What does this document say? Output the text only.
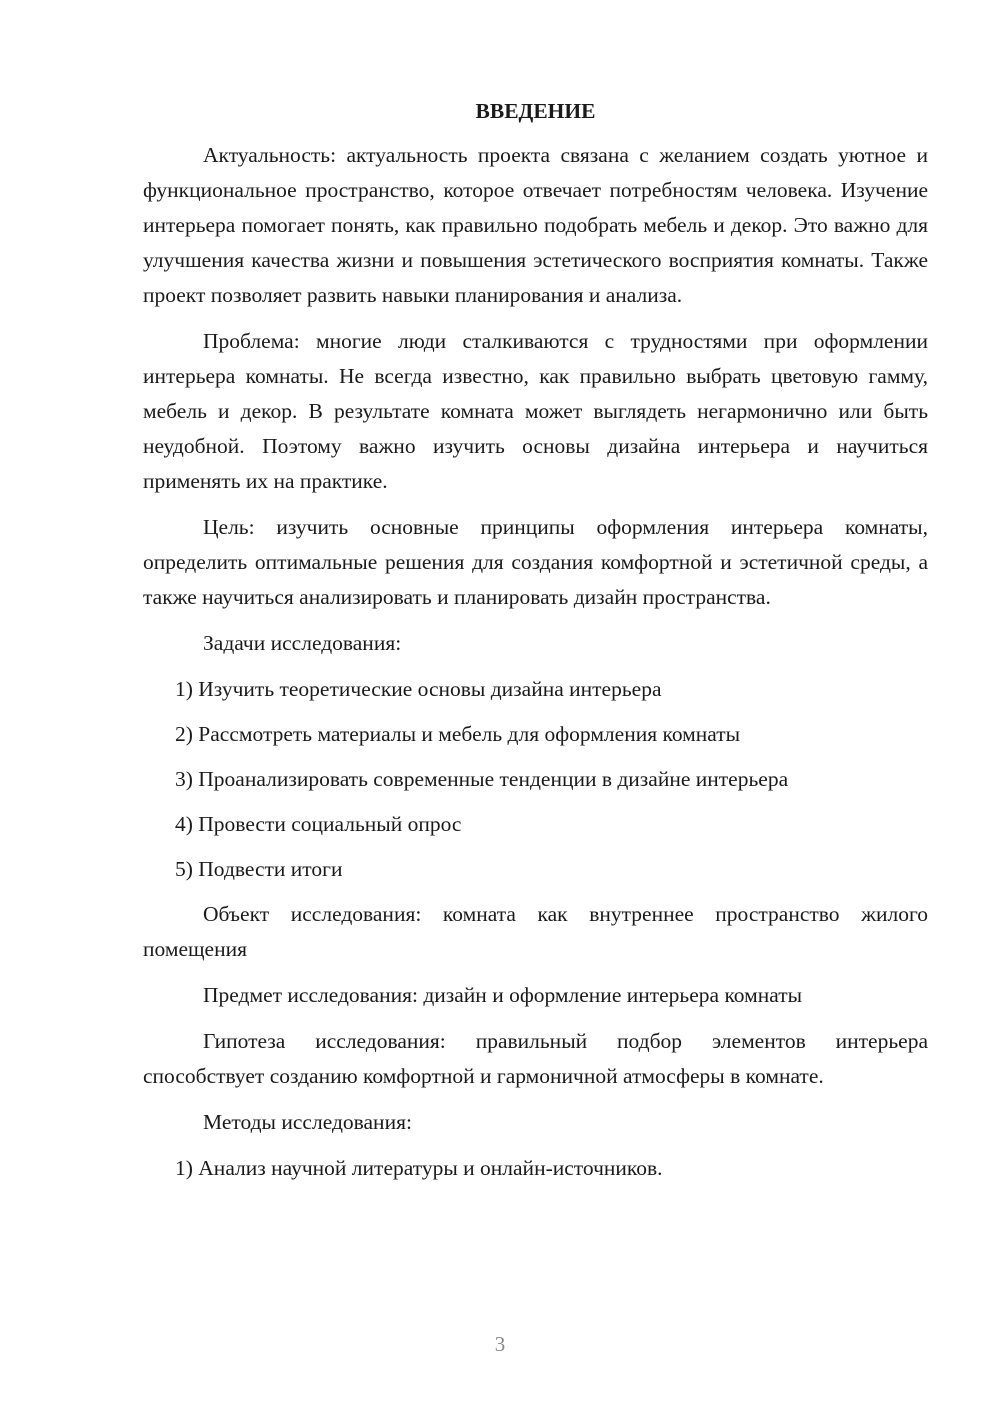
ВВЕДЕНИЕ

Актуальность: актуальность проекта связана с желанием создать уютное и функциональное пространство, которое отвечает потребностям человека. Изучение интерьера помогает понять, как правильно подобрать мебель и декор. Это важно для улучшения качества жизни и повышения эстетического восприятия комнаты. Также проект позволяет развить навыки планирования и анализа.

Проблема: многие люди сталкиваются с трудностями при оформлении интерьера комнаты. Не всегда известно, как правильно выбрать цветовую гамму, мебель и декор. В результате комната может выглядеть негармонично или быть неудобной. Поэтому важно изучить основы дизайна интерьера и научиться применять их на практике.

Цель: изучить основные принципы оформления интерьера комнаты, определить оптимальные решения для создания комфортной и эстетичной среды, а также научиться анализировать и планировать дизайн пространства.

Задачи исследования:

1) Изучить теоретические основы дизайна интерьера

2) Рассмотреть материалы и мебель для оформления комнаты

3) Проанализировать современные тенденции в дизайне интерьера

4) Провести социальный опрос

5) Подвести итоги

Объект исследования: комната как внутреннее пространство жилого помещения

Предмет исследования: дизайн и оформление интерьера комнаты

Гипотеза исследования: правильный подбор элементов интерьера способствует созданию комфортной и гармоничной атмосферы в комнате.

Методы исследования:

1) Анализ научной литературы и онлайн-источников.

3
